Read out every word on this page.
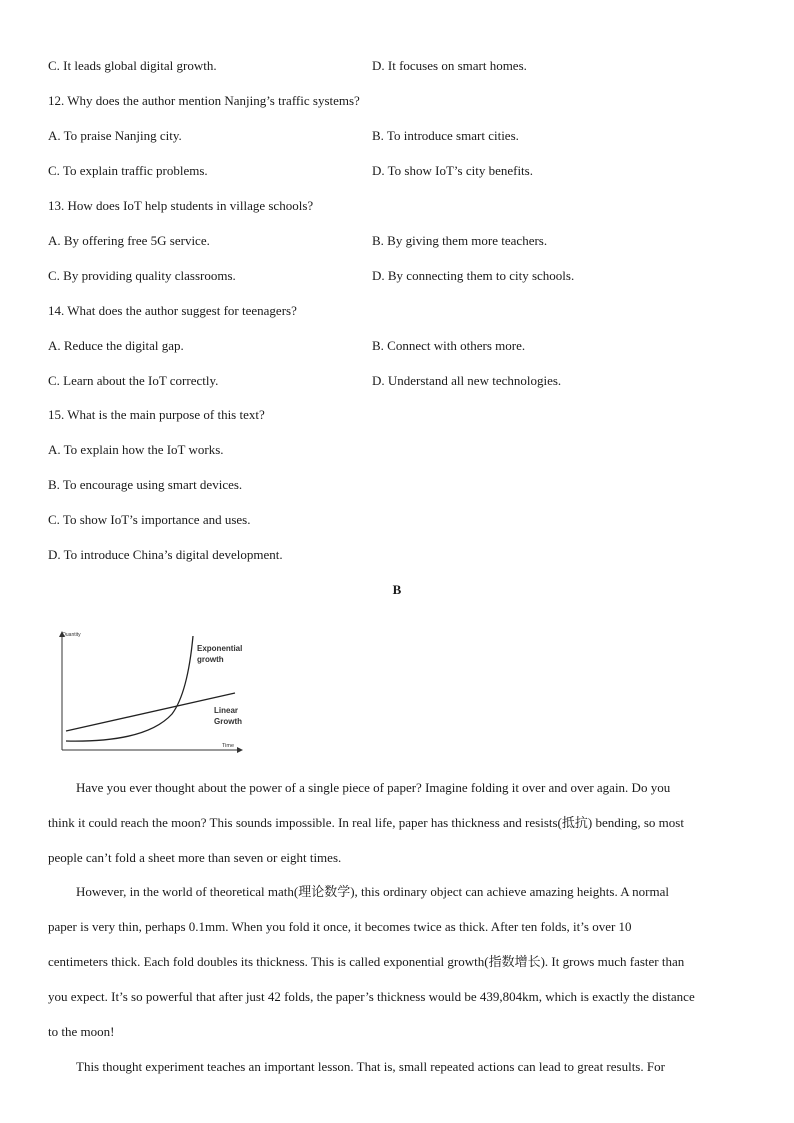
C. It leads global digital growth.	D. It focuses on smart homes.
12. Why does the author mention Nanjing’s traffic systems?
A. To praise Nanjing city.	B. To introduce smart cities.
C. To explain traffic problems.	D. To show IoT’s city benefits.
13. How does IoT help students in village schools?
A. By offering free 5G service.	B. By giving them more teachers.
C. By providing quality classrooms.	D. By connecting them to city schools.
14. What does the author suggest for teenagers?
A. Reduce the digital gap.	B. Connect with others more.
C. Learn about the IoT correctly.	D. Understand all new technologies.
15. What is the main purpose of this text?
A. To explain how the IoT works.
B. To encourage using smart devices.
C. To show IoT’s importance and uses.
D. To introduce China’s digital development.
B
Quantity
Time
Exponential
growth
Linear
Growth
Have you ever thought about the power of a single piece of paper? Imagine folding it over and over again. Do you
think it could reach the moon? This sounds impossible. In real life, paper has thickness and resists(抵抗) bending, so most
people can’t fold a sheet more than seven or eight times.
However, in the world of theoretical math(理论数学), this ordinary object can achieve amazing heights. A normal
paper is very thin, perhaps 0.1mm. When you fold it once, it becomes twice as thick. After ten folds, it’s over 10
centimeters thick. Each fold doubles its thickness. This is called exponential growth(指数增长). It grows much faster than
you expect. It’s so powerful that after just 42 folds, the paper’s thickness would be 439,804km, which is exactly the distance
to the moon!
This thought experiment teaches an important lesson. That is, small repeated actions can lead to great results. For
